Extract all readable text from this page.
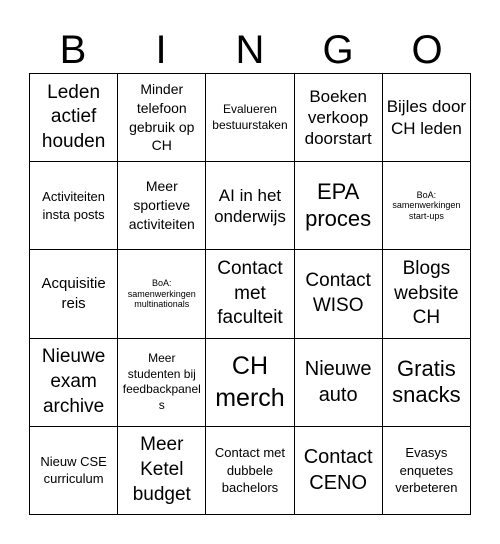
B	I	N	G	O
Leden actief houden	Minder telefoon gebruik op CH	Evalueren bestuurstaken	Boeken verkoop doorstart	Bijles door CH leden

Activiteiten insta posts	Meer sportieve activiteiten	AI in het onderwijs	EPA proces	BoA: samenwerkingen start-ups

Acquisitie reis	BoA: samenwerkingen multinationals	Contact met faculteit	Contact WISO	Blogs website CH

Nieuwe exam archive	Meer studenten bij feedbackpanels	CH merch	Nieuwe auto	Gratis snacks

Nieuw CSE curriculum	Meer Ketel budget	Contact met dubbele bachelors	Contact CENO	Evasys enquetes verbeteren
